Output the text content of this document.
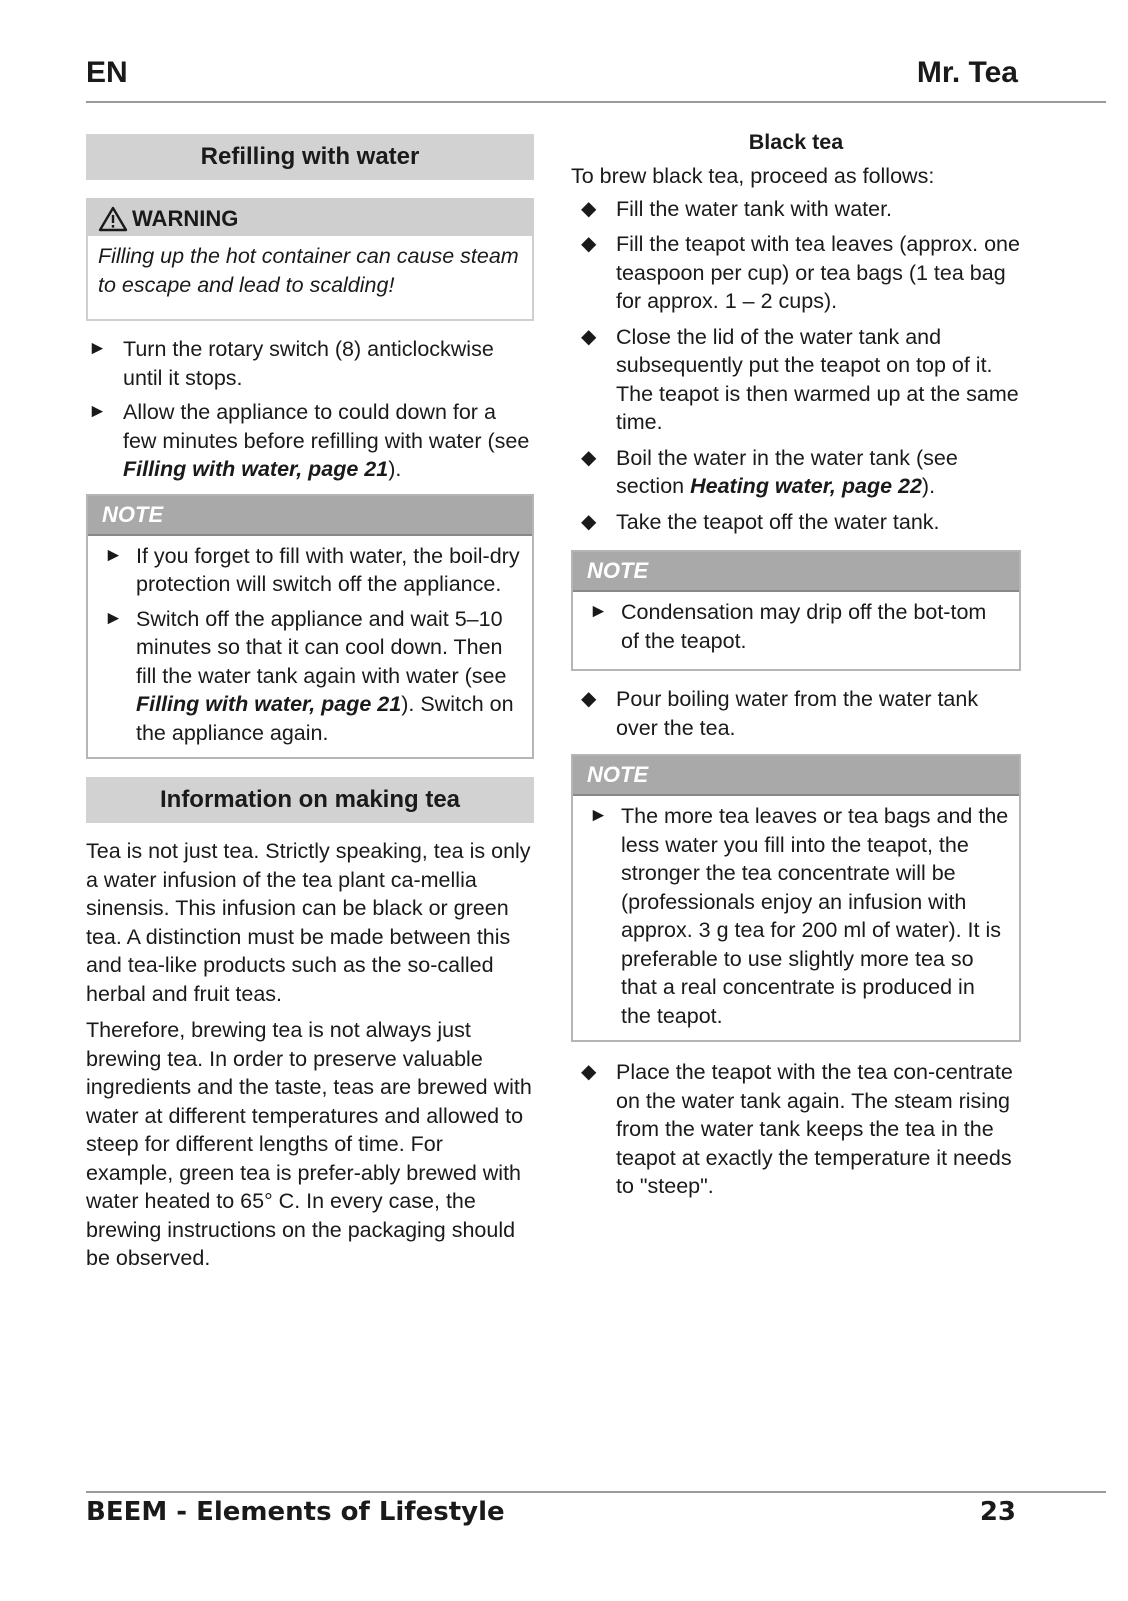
EN	Mr. Tea
Refilling with water
WARNING
Filling up the hot container can cause steam to escape and lead to scalding!
► Turn the rotary switch (8) anticlockwise until it stops.
► Allow the appliance to could down for a few minutes before refilling with water (see Filling with water, page 21).
NOTE
► If you forget to fill with water, the boil-dry protection will switch off the appliance.
► Switch off the appliance and wait 5–10 minutes so that it can cool down. Then fill the water tank again with water (see Filling with water, page 21). Switch on the appliance again.
Information on making tea

Tea is not just tea. Strictly speaking, tea is only a water infusion of the tea plant ca-mellia sinensis. This infusion can be black or green tea. A distinction must be made between this and tea-like products such as the so-called herbal and fruit teas.

Therefore, brewing tea is not always just brewing tea. In order to preserve valuable ingredients and the taste, teas are brewed with water at different temperatures and allowed to steep for different lengths of time. For example, green tea is prefer-ably brewed with water heated to 65° C. In every case, the brewing instructions on the packaging should be observed.

Black tea
To brew black tea, proceed as follows:
◆ Fill the water tank with water.
◆ Fill the teapot with tea leaves (approx. one teaspoon per cup) or tea bags (1 tea bag for approx. 1 – 2 cups).
◆ Close the lid of the water tank and subsequently put the teapot on top of it. The teapot is then warmed up at the same time.
◆ Boil the water in the water tank (see section Heating water, page 22).
◆ Take the teapot off the water tank.
NOTE
► Condensation may drip off the bot-tom of the teapot.
◆ Pour boiling water from the water tank over the tea.
NOTE
► The more tea leaves or tea bags and the less water you fill into the teapot, the stronger the tea concentrate will be (professionals enjoy an infusion with approx. 3 g tea for 200 ml of water). It is preferable to use slightly more tea so that a real concentrate is produced in the teapot.
◆ Place the teapot with the tea con-centrate on the water tank again. The steam rising from the water tank keeps the tea in the teapot at exactly the temperature it needs to "steep".
BEEM - Elements of Lifestyle	23
